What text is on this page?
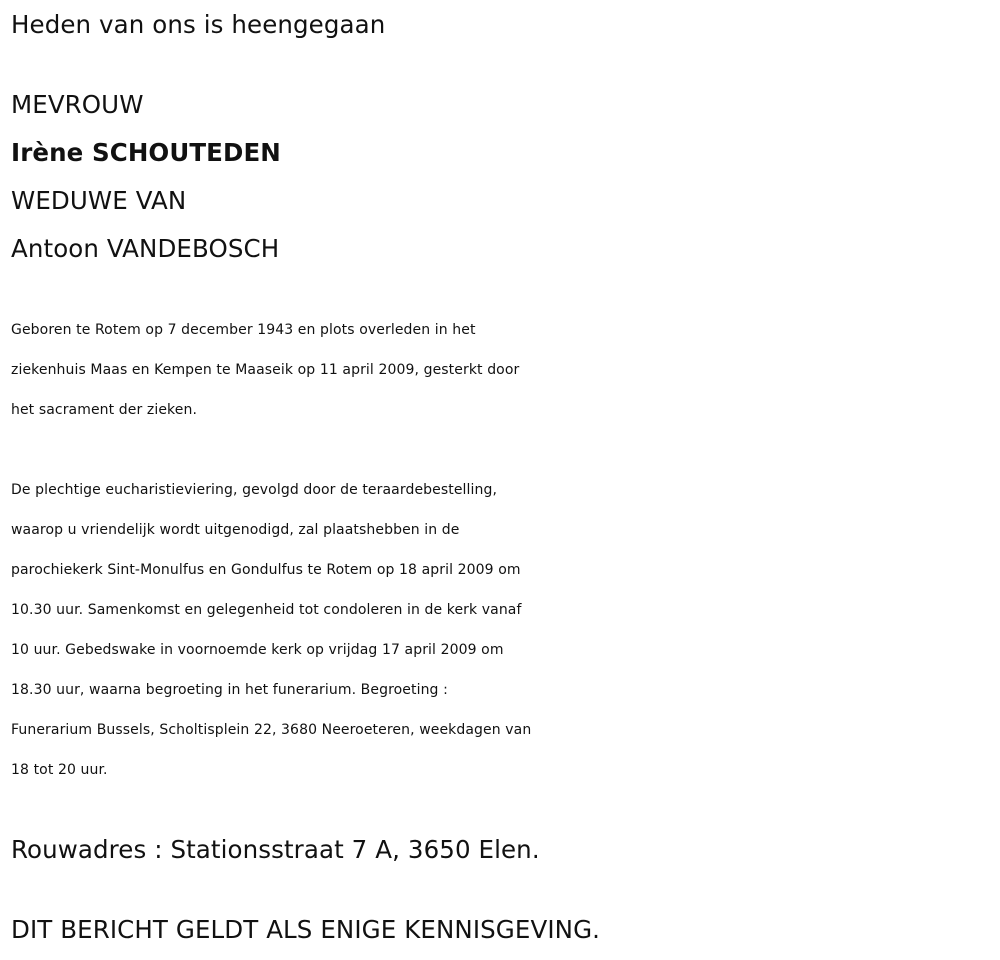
Heden van ons is heengegaan
MEVROUW
Irène SCHOUTEDEN
WEDUWE VAN
Antoon VANDEBOSCH
Geboren te Rotem op 7 december 1943 en plots overleden in het
ziekenhuis Maas en Kempen te Maaseik op 11 april 2009, gesterkt door
het sacrament der zieken.
De plechtige eucharistieviering, gevolgd door de teraardebestelling,
waarop u vriendelijk wordt uitgenodigd, zal plaatshebben in de
parochiekerk Sint-Monulfus en Gondulfus te Rotem op 18 april 2009 om
10.30 uur. Samenkomst en gelegenheid tot condoleren in de kerk vanaf
10 uur. Gebedswake in voornoemde kerk op vrijdag 17 april 2009 om
18.30 uur, waarna begroeting in het funerarium. Begroeting :
Funerarium Bussels, Scholtisplein 22, 3680 Neeroeteren, weekdagen van
18 tot 20 uur.
Rouwadres : Stationsstraat 7 A, 3650 Elen.
DIT BERICHT GELDT ALS ENIGE KENNISGEVING.
